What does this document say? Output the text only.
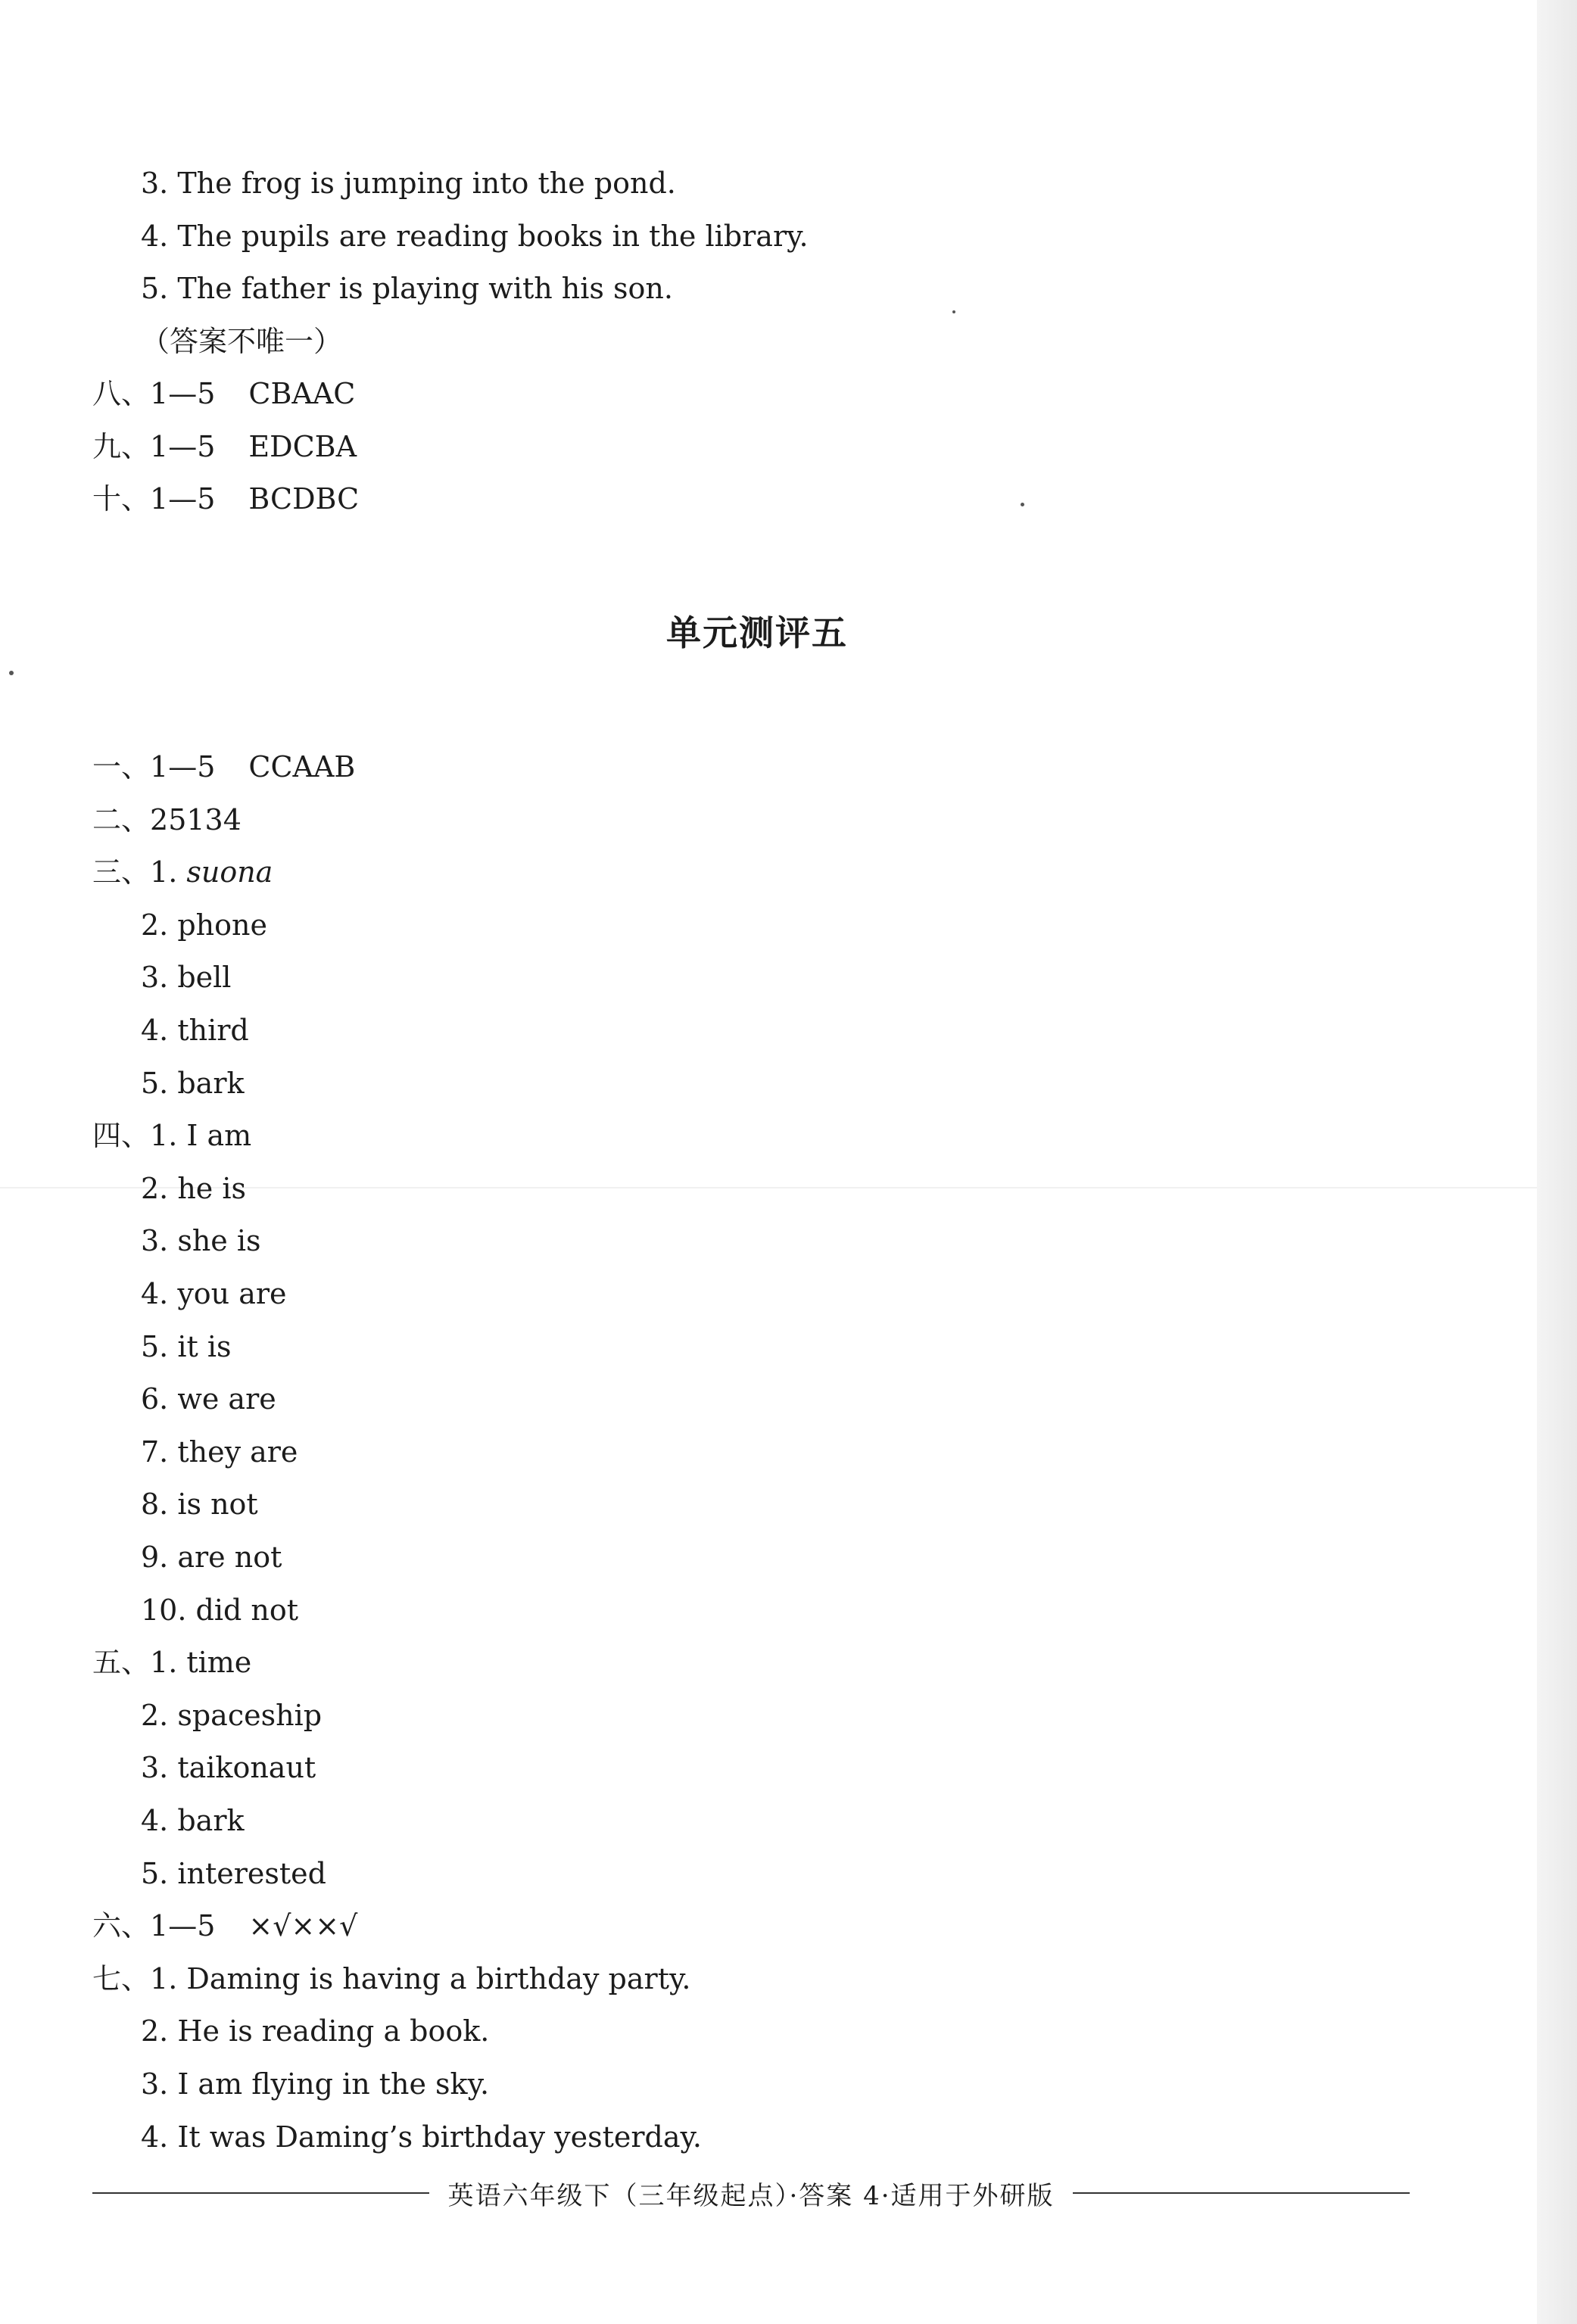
3. The frog is jumping into the pond.
4. The pupils are reading books in the library.
5. The father is playing with his son.
（答案不唯一）
八、1—5 CBAAC
九、1—5 EDCBA
十、1—5 BCDBC
单元测评五
一、1—5 CCAAB
二、25134
三、1. suona
2. phone
3. bell
4. third
5. bark
四、1. I am
2. he is
3. she is
4. you are
5. it is
6. we are
7. they are
8. is not
9. are not
10. did not
五、1. time
2. spaceship
3. taikonaut
4. bark
5. interested
六、1—5 ×√××√
七、1. Daming is having a birthday party.
2. He is reading a book.
3. I am flying in the sky.
4. It was Daming’s birthday yesterday.
英语六年级下（三年级起点）·答案 4·适用于外研版
